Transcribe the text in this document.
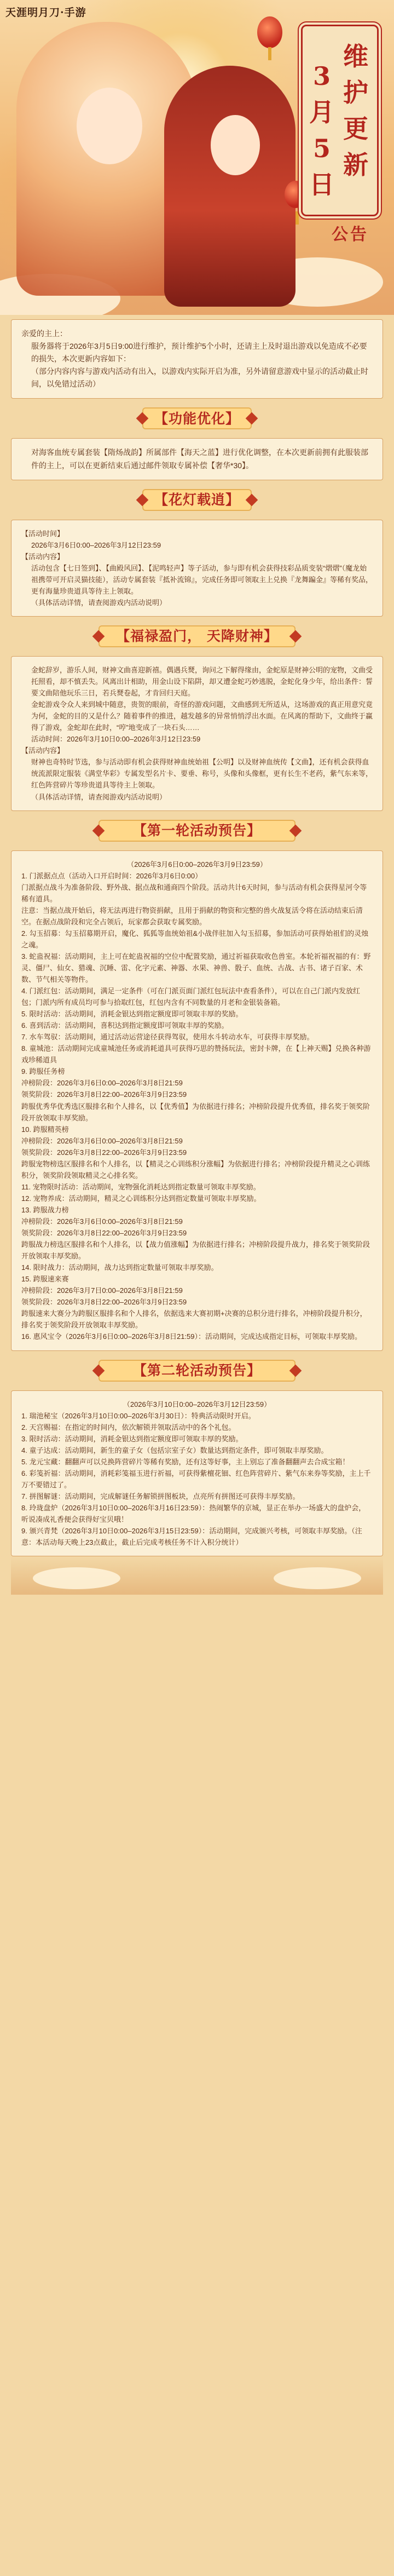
天涯明月刀·手游
维护更新
3月5日
公告

亲爱的主上：

服务器将于2026年3月5日9:00进行维护，预计维护5个小时，还请主上及时退出游戏以免造成不必要的损失，本次更新内容如下：

（部分内容内容与游戏内活动有出入，以游戏内实际开启为准，另外请留意游戏中显示的活动截止时间，以免错过活动）

【功能优化】

对海客血统专属套装【隋炀战韵】所属部件【海天之蓝】进行优化调整，在本次更新前拥有此服装部件的主上，可以在更新结束后通过邮件领取专属补偿【奢华*30】。

【花灯载逍】

【活动时间】

2026年3月6日0:00–2026年3月12日23:59

【活动内容】

活动包含【七日签到】、【曲殿风回】、【泥鸣轻声】等子活动，参与即有机会获得技彩品质变装“熠熠”（魔龙始祖携带可开启灵猫技能），活动专属套装『抵补流锦』，完成任务即可领取主上兑换『龙舞蹁金』等稀有奖品，更有海量珍贵道具等待主上领取。

（具体活动详情，请查阅游戏内活动说明）

【福禄盈门， 天降财神】

金蛇辞岁，游乐人间，财神文曲喜迎新禧。偶遇兵燹，询问之下解得缘由，金蛇原是财神公明的宠物，文曲受托照看，却不慎丢失。风离出计相助，用金山设下陷阱，却又遭金蛇巧妙逃脱，金蛇化身少年，给出条件：誓要文曲陪他玩乐三日，若兵燹卷起，才肯回归天庭。

金蛇游戏令众人来到城中随意，贵贺的眼前，奇怪的游戏问题，文曲感到无所适从，这场游戏的真正用意究竟为何，金蛇的目的又是什么？随着事件的推进，越发越多的异常悄悄浮出水面。在风离的帮助下，文曲终于赢得了游戏，金蛇却在此时，“哼”地变成了一块石头……

活动时间：2026年3月10日0:00–2026年3月12日23:59

【活动内容】

财神也奇特时节选，参与活动即有机会获得财神血统始祖【公明】以及财神血统传【文曲】，还有机会获得血统流派限定服装《满堂华彩》专属发型名片卡、要垂、称号，头像和头像框，更有长生不老药，紫气东来等，红色阵营碎片等珍贵道具等待主上领取。

（具体活动详情，请查阅游戏内活动说明）

【第一轮活动预告】

（2026年3月6日0:00–2026年3月9日23:59）

1. 门派据点点（活动入口开启时间：2026年3月6日0:00）

门派据点战斗为准备阶段、野外战、据点战和通商四个阶段。活动共计6天时间，参与活动有机会获得星河令等稀有道具。

注意：当据点战开始后，将无法再进行物资捐献，且用于捐献的物资和完整的兽火战复活令将在活动结束后清空。在据点战阶段和完全占领后，玩家都会获取专属奖励。

2. 勾玉招募：勾玉招募期开启，魔化、狐狐等血统始祖&小战伴驻加入勾玉招募，参加活动可获得始祖们的灵烛之魂。

3. 蛇蛊祝福：活动期间，主上可在蛇蛊祝福的空位中配置奖励，通过祈福获取收色兽室。本轮祈福祝福的有：野灵、僵尸、仙女、猎魂、沉睡、雷、化字元素、神器、水果、神兽、骰子、血统、古战、古书、诸子百家、术数、节气相关等物件。

4. 门派红包：活动期间，满足一定条件（可在门派页面门派红包玩法中查看条件），可以在自己门派内发放红包；门派内所有成员均可参与拾取红包，红包内含有不同数量的月老和金银装备箱。

5. 限时活动：活动期间，消耗金银达到指定额度即可领取丰厚的奖励。

6. 喜到活动：活动期间，喜积达到指定额度即可领取丰厚的奖励。

7. 水车驾驭：活动期间，通过活动运营途径获得驾驭，使用水斗转动水车，可获得丰厚奖励。

8. 童城池：活动期间完成童城池任务或消耗道具可获得巧思的赞扬玩法，密封卡牌，在【上神天赐】兑换各种游戏珍稀道具

9. 跨服任务榜

冲榜阶段：2026年3月6日0:00–2026年3月8日21:59

领奖阶段：2026年3月8日22:00–2026年3月9日23:59

跨服优秀华优秀选区服排名和个人排名，以【优秀值】为依据进行排名；冲榜阶段提升优秀值，排名奖于领奖阶段开放领取丰厚奖励。

10. 跨服精英榜

冲榜阶段：2026年3月6日0:00–2026年3月8日21:59

领奖阶段：2026年3月8日22:00–2026年3月9日23:59

跨服宠物榜选区服排名和个人排名，以【精灵之心训练积分涨幅】为依据进行排名；冲榜阶段提升精灵之心训练积分，领奖阶段领取精灵之心排名奖。

11. 宠物限时活动：活动期间，宠物强化消耗达到指定数量可领取丰厚奖励。

12. 宠物养成：活动期间，精灵之心训练积分达到指定数量可领取丰厚奖励。

13. 跨服战力榜

冲榜阶段：2026年3月6日0:00–2026年3月8日21:59

领奖阶段：2026年3月8日22:00–2026年3月9日23:59

跨服战力榜选区服排名和个人排名，以【战力值涨幅】为依据进行排名；冲榜阶段提升战力，排名奖于领奖阶段开放领取丰厚奖励。

14. 限时战力：活动期间，战力达到指定数量可领取丰厚奖励。

15. 跨服速来赛

冲榜阶段：2026年3月7日0:00–2026年3月8日21:59

领奖阶段：2026年3月8日22:00–2026年3月9日23:59

跨服速来大赛分为跨服区服排名和个人排名，依据选来大赛初期+决赛的总积分进行排名，冲榜阶段提升积分，排名奖于领奖阶段开放领取丰厚奖励。

16. 惠风宝令（2026年3月6日0:00–2026年3月8日21:59）：活动期间，完成达成指定目标，可领取丰厚奖励。

【第二轮活动预告】

（2026年3月10日0:00–2026年3月12日23:59）

1. 瑞池秘宝（2026年3月10日0:00–2026年3月30日）：特典活动限时开启。

2. 天宫赐福：在指定的时间内，依次解锁并领取活动中的各个礼包。

3. 限时活动：活动期间，消耗金银达到指定额度即可领取丰厚的奖励。

4. 童子达成：活动期间，新生的童子女（包括宗室子女）数量达到指定条件，即可领取丰厚奖励。

5. 龙元宝藏：翻翻声可以兑换阵营碎片等稀有奖励，还有这等好事，主上别忘了准备翻翻声去合成宝箱！

6. 彩笺祈福：活动期间，消耗彩笺福玉进行祈福，可获得紫檀花钿、红色阵营碎片、紫气东来券等奖励，主上千万不要错过了。

7. 拼图解谜：活动期间，完成解谜任务解锁拼图板块，点亮所有拼图还可获得丰厚奖励。

8. 玲珑盘炉（2026年3月10日0:00–2026年3月16日23:59）：热闹繁华的京城，显正在举办一场盛大的盘炉会，听说凑成礼香便会获得好宝贝哦！

9. 颁兴青梵（2026年3月10日0:00–2026年3月15日23:59）：活动期间，完成颁兴考核，可领取丰厚奖励。（注意：本活动每天晚上23点截止，截止后完成考核任务不计入积分统计）
